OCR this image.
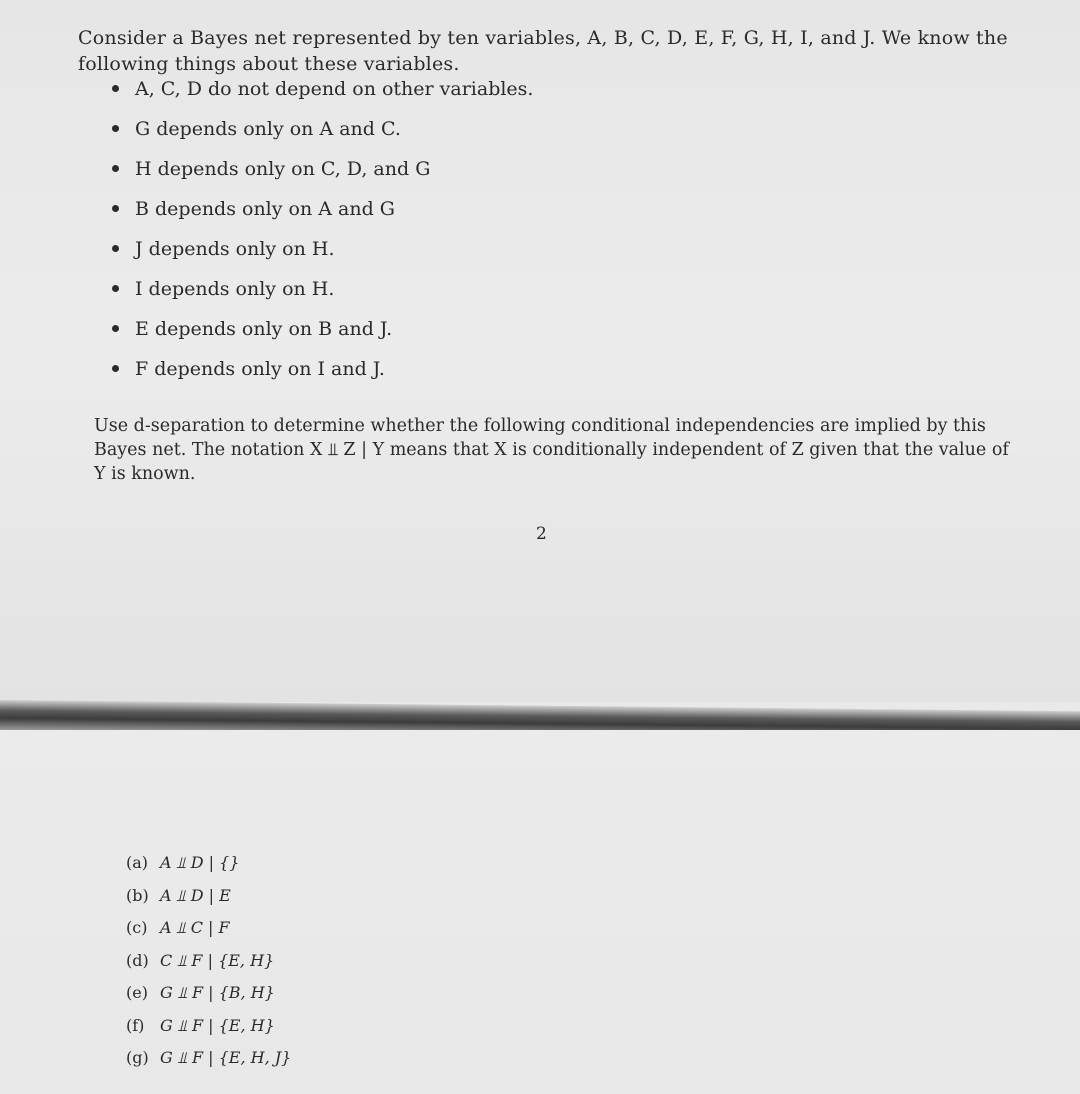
Consider a Bayes net represented by ten variables, A, B, C, D, E, F, G, H, I, and J. We know the following things about these variables.

A, C, D do not depend on other variables.
G depends only on A and C.
H depends only on C, D, and G
B depends only on A and G
J depends only on H.
I depends only on H.
E depends only on B and J.
F depends only on I and J.

Use d-separation to determine whether the following conditional independencies are implied by this Bayes net. The notation X ⫫ Z | Y means that X is conditionally independent of Z given that the value of Y is known.

2
(a) A ⫫ D | {}
(b) A ⫫ D | E
(c) A ⫫ C | F
(d) C ⫫ F | {E, H}
(e) G ⫫ F | {B, H}
(f) G ⫫ F | {E, H}
(g) G ⫫ F | {E, H, J}
